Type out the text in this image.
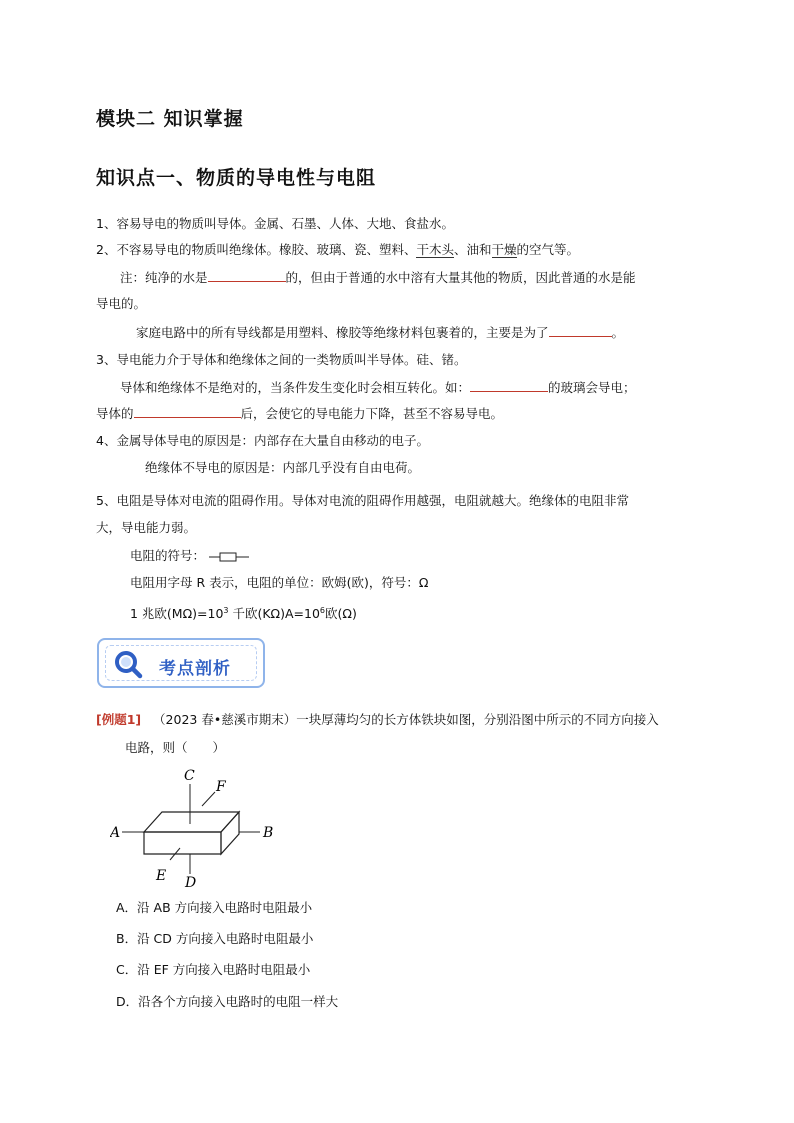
模块二 知识掌握
知识点一、物质的导电性与电阻
1、容易导电的物质叫导体。金属、石墨、人体、大地、食盐水。
2、不容易导电的物质叫绝缘体。橡胶、玻璃、瓷、塑料、干木头、油和干燥的空气等。
注：纯净的水是	的，但由于普通的水中溶有大量其他的物质，因此普通的水是能
导电的。
家庭电路中的所有导线都是用塑料、橡胶等绝缘材料包裹着的，主要是为了	。
3、导电能力介于导体和绝缘体之间的一类物质叫半导体。硅、锗。
导体和绝缘体不是绝对的，当条件发生变化时会相互转化。如：	的玻璃会导电；
导体的	后，会使它的导电能力下降，甚至不容易导电。
4、金属导体导电的原因是：内部存在大量自由移动的电子。
绝缘体不导电的原因是：内部几乎没有自由电荷。
5、电阻是导体对电流的阻碍作用。导体对电流的阻碍作用越强，电阻就越大。绝缘体的电阻非常
大，导电能力弱。
电阻的符号：
电阻用字母 R 表示，电阻的单位：欧姆(欧)，符号：Ω
1 兆欧$(M\Omega)=10^3$ 千欧$(K\Omega)A=10^6$欧(Ω)
考点剖析
[例题1] （2023 春•慈溪市期末）一块厚薄均匀的长方体铁块如图，分别沿图中所示的不同方向接入
电路，则（　　）
C
D
A	B
F
E
A．沿 AB 方向接入电路时电阻最小
B．沿 CD 方向接入电路时电阻最小
C．沿 EF 方向接入电路时电阻最小
D．沿各个方向接入电路时的电阻一样大
